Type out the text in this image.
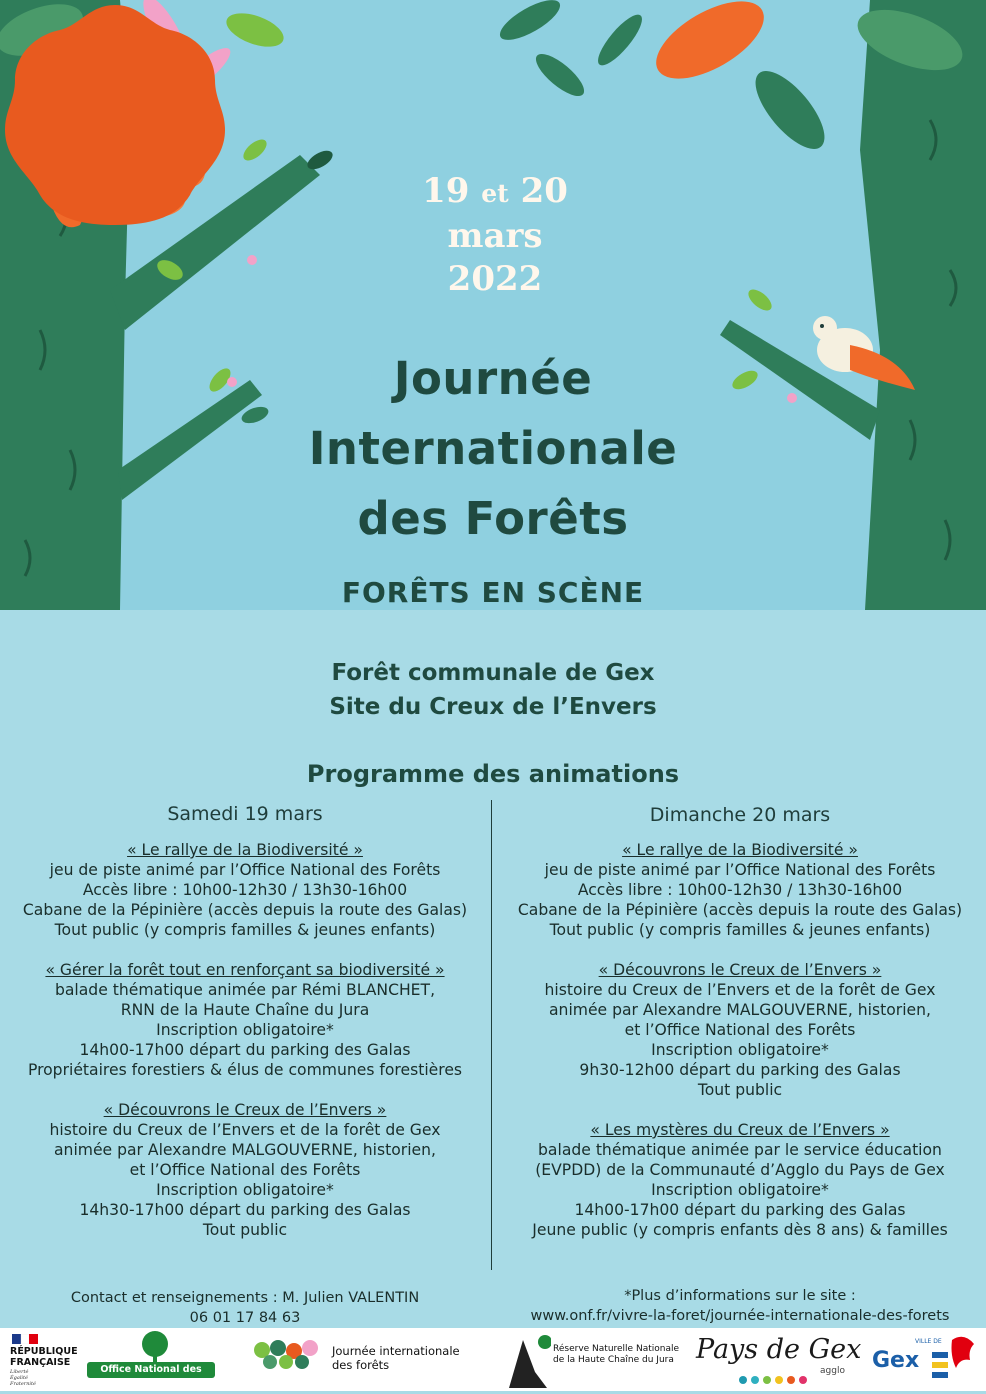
19 et 20
mars
2022
Journée
Internationale
des Forêts
FORÊTS EN SCÈNE
Forêt communale de Gex
Site du Creux de l’Envers
Programme des animations
Samedi 19 mars
« Le rallye de la Biodiversité »
jeu de piste animé par l’Office National des Forêts
Accès libre : 10h00-12h30 / 13h30-16h00
Cabane de la Pépinière (accès depuis la route des Galas)
Tout public (y compris familles & jeunes enfants)
« Gérer la forêt tout en renforçant sa biodiversité »
balade thématique animée par Rémi BLANCHET,
RNN de la Haute Chaîne du Jura
Inscription obligatoire*
14h00-17h00 départ du parking des Galas
Propriétaires forestiers & élus de communes forestières
« Découvrons le Creux de l’Envers »
histoire du Creux de l’Envers et de la forêt de Gex
animée par Alexandre MALGOUVERNE, historien,
et l’Office National des Forêts
Inscription obligatoire*
14h30-17h00 départ du parking des Galas
Tout public
Dimanche 20 mars
« Le rallye de la Biodiversité »
jeu de piste animé par l’Office National des Forêts
Accès libre : 10h00-12h30 / 13h30-16h00
Cabane de la Pépinière (accès depuis la route des Galas)
Tout public (y compris familles & jeunes enfants)
« Découvrons le Creux de l’Envers »
histoire du Creux de l’Envers et de la forêt de Gex
animée par Alexandre MALGOUVERNE, historien,
et l’Office National des Forêts
Inscription obligatoire*
9h30-12h00 départ du parking des Galas
Tout public
« Les mystères du Creux de l’Envers »
balade thématique animée par le service éducation
(EVPDD) de la Communauté d’Agglo du Pays de Gex
Inscription obligatoire*
14h00-17h00 départ du parking des Galas
Jeune public (y compris enfants dès 8 ans) & familles
Contact et renseignements : M. Julien VALENTIN
06 01 17 84 63
*Plus d’informations sur le site :
www.onf.fr/vivre-la-foret/journée-internationale-des-forets
RÉPUBLIQUE
FRANÇAISE
Liberté
Égalité
Fraternité
Office National des Forêts
Journée internationale
des forêts
Réserve Naturelle Nationale
de la Haute Chaîne du Jura Pays de Gex
agglo
VILLE DE
Gex
